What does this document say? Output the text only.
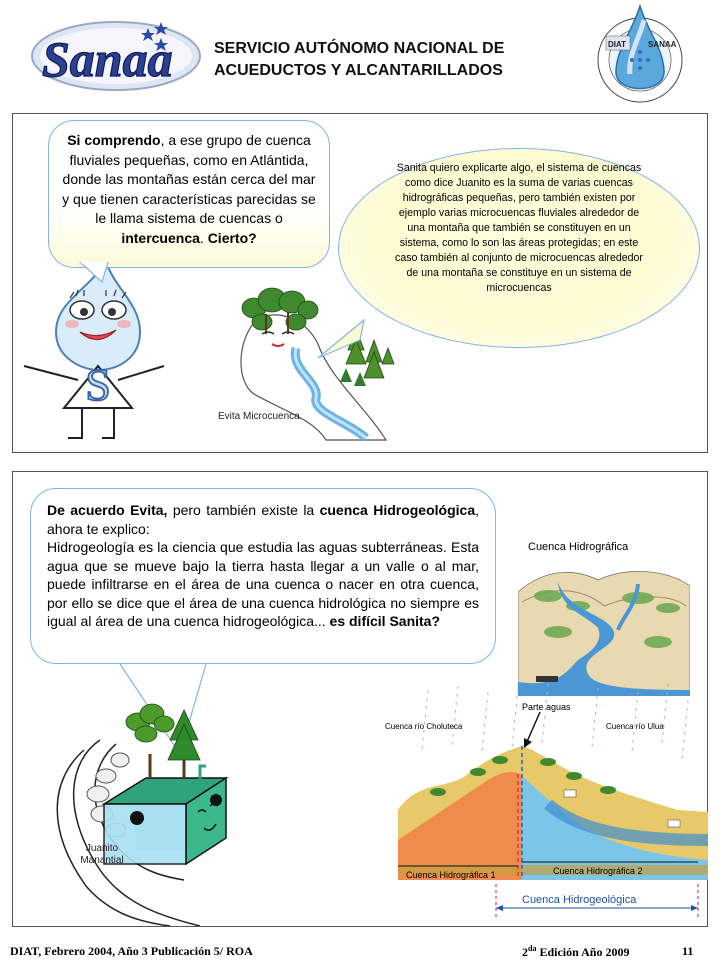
Sanaa	SERVICIO AUTÓNOMO NACIONAL DE
ACUEDUCTOS Y ALCANTARILLADOS
DIAT	SANAA
S
Si comprendo, a ese grupo de cuenca fluviales pequeñas, como en Atlántida, donde las montañas están cerca del mar y que tienen características parecidas se le llama sistema de cuencas o intercuenca. Cierto?
Evita Microcuenca
Sanita quiero explicarte algo, el sistema de cuencas como dice Juanito es la suma de varias cuencas hidrográficas pequeñas, pero también existen por ejemplo varias microcuencas fluviales alrededor de una montaña que también se constituyen en un sistema, como lo son las áreas protegidas; en este caso también al conjunto de microcuencas alrededor de una montaña se constituye en un sistema de microcuencas
De acuerdo Evita, pero también existe la cuenca Hidrogeológica, ahora te explico:
Hidrogeología es la ciencia que estudia las aguas subterráneas. Esta agua que se mueve bajo la tierra hasta llegar a un valle o al mar, puede infiltrarse en el área de una cuenca o nacer en otra cuenca, por ello se dice que el área de una cuenca hidrológica no siempre es igual al área de una cuenca hidrogeológica... es difícil Sanita?
Juanito
Manantial
Cuenca Hidrográfica
Parte aguas
Cuenca río Choluteca	Cuenca río Ulua
Cuenca Hidrográfica 1	Cuenca Hidrográfica 2
Cuenca Hidrogeológica
DIAT, Febrero 2004, Año 3 Publicación 5/ ROA	$2^{da}$ Edición Año 2009	11
